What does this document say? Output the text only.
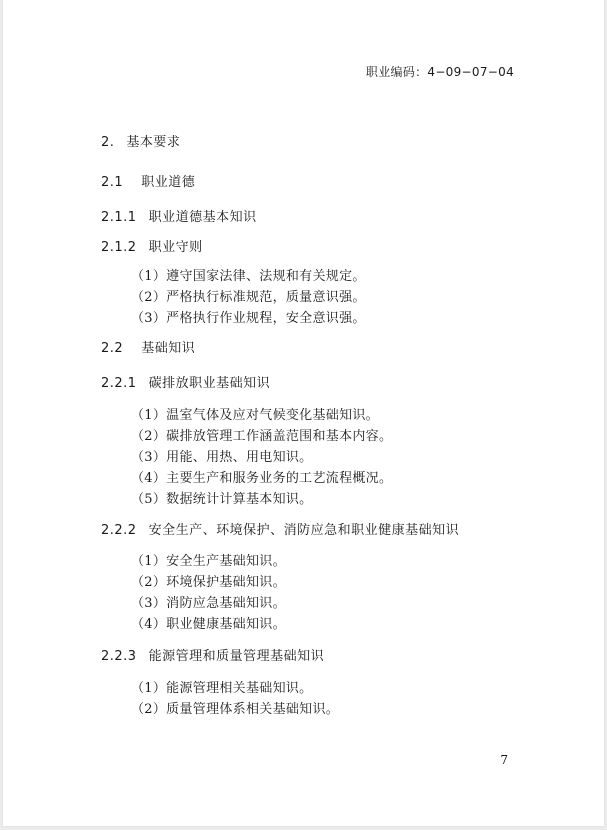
职业编码：4−09−07−04
2. 基本要求
2.1 职业道德
2.1.1 职业道德基本知识
2.1.2 职业守则
（1）遵守国家法律、法规和有关规定。
（2）严格执行标准规范，质量意识强。
（3）严格执行作业规程，安全意识强。
2.2 基础知识
2.2.1 碳排放职业基础知识
（1）温室气体及应对气候变化基础知识。
（2）碳排放管理工作涵盖范围和基本内容。
（3）用能、用热、用电知识。
（4）主要生产和服务业务的工艺流程概况。
（5）数据统计计算基本知识。
2.2.2 安全生产、环境保护、消防应急和职业健康基础知识
（1）安全生产基础知识。
（2）环境保护基础知识。
（3）消防应急基础知识。
（4）职业健康基础知识。
2.2.3 能源管理和质量管理基础知识
（1）能源管理相关基础知识。
（2）质量管理体系相关基础知识。
7
